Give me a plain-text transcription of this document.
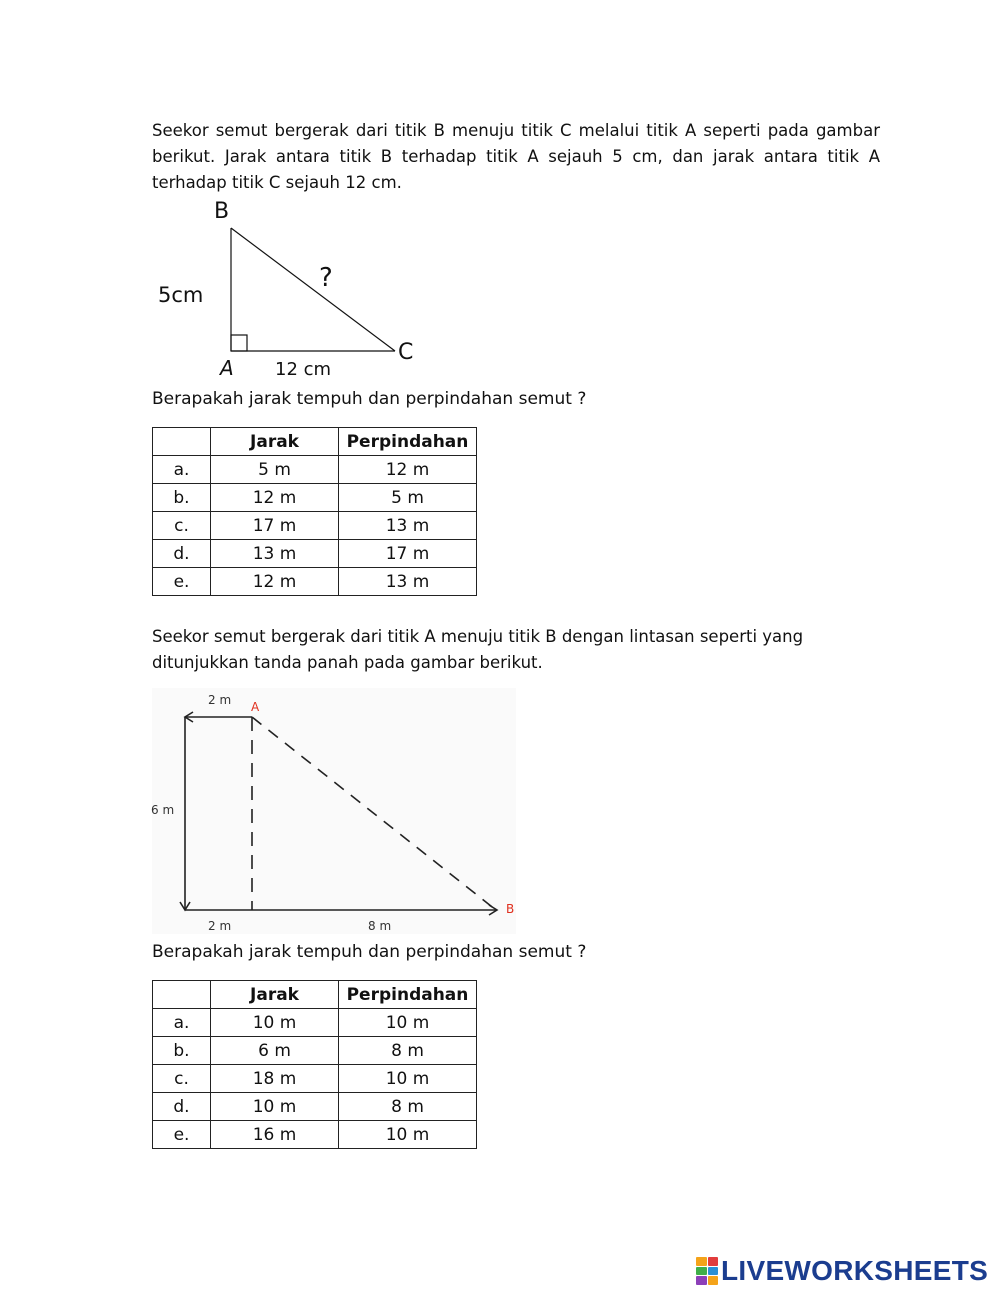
Seekor semut bergerak dari titik B menuju titik C melalui titik A seperti pada gambar berikut. Jarak antara titik B terhadap titik A sejauh 5 cm, dan jarak antara titik A terhadap titik C sejauh 12 cm.

B
A
C
5cm
12 cm
?

Berapakah jarak tempuh dan perpindahan semut ?

	Jarak	Perpindahan
a.	5 m	12 m
b.	12 m	5 m
c.	17 m	13 m
d.	13 m	17 m
e.	12 m	13 m

Seekor semut bergerak dari titik A menuju titik B dengan lintasan seperti yang ditunjukkan tanda panah pada gambar berikut.

2 m
6 m
2 m	8 m
A
B

Berapakah jarak tempuh dan perpindahan semut ?

	Jarak	Perpindahan
a.	10 m	10 m
b.	6 m	8 m
c.	18 m	10 m
d.	10 m	8 m
e.	16 m	10 m
LIVEWORKSHEETS
